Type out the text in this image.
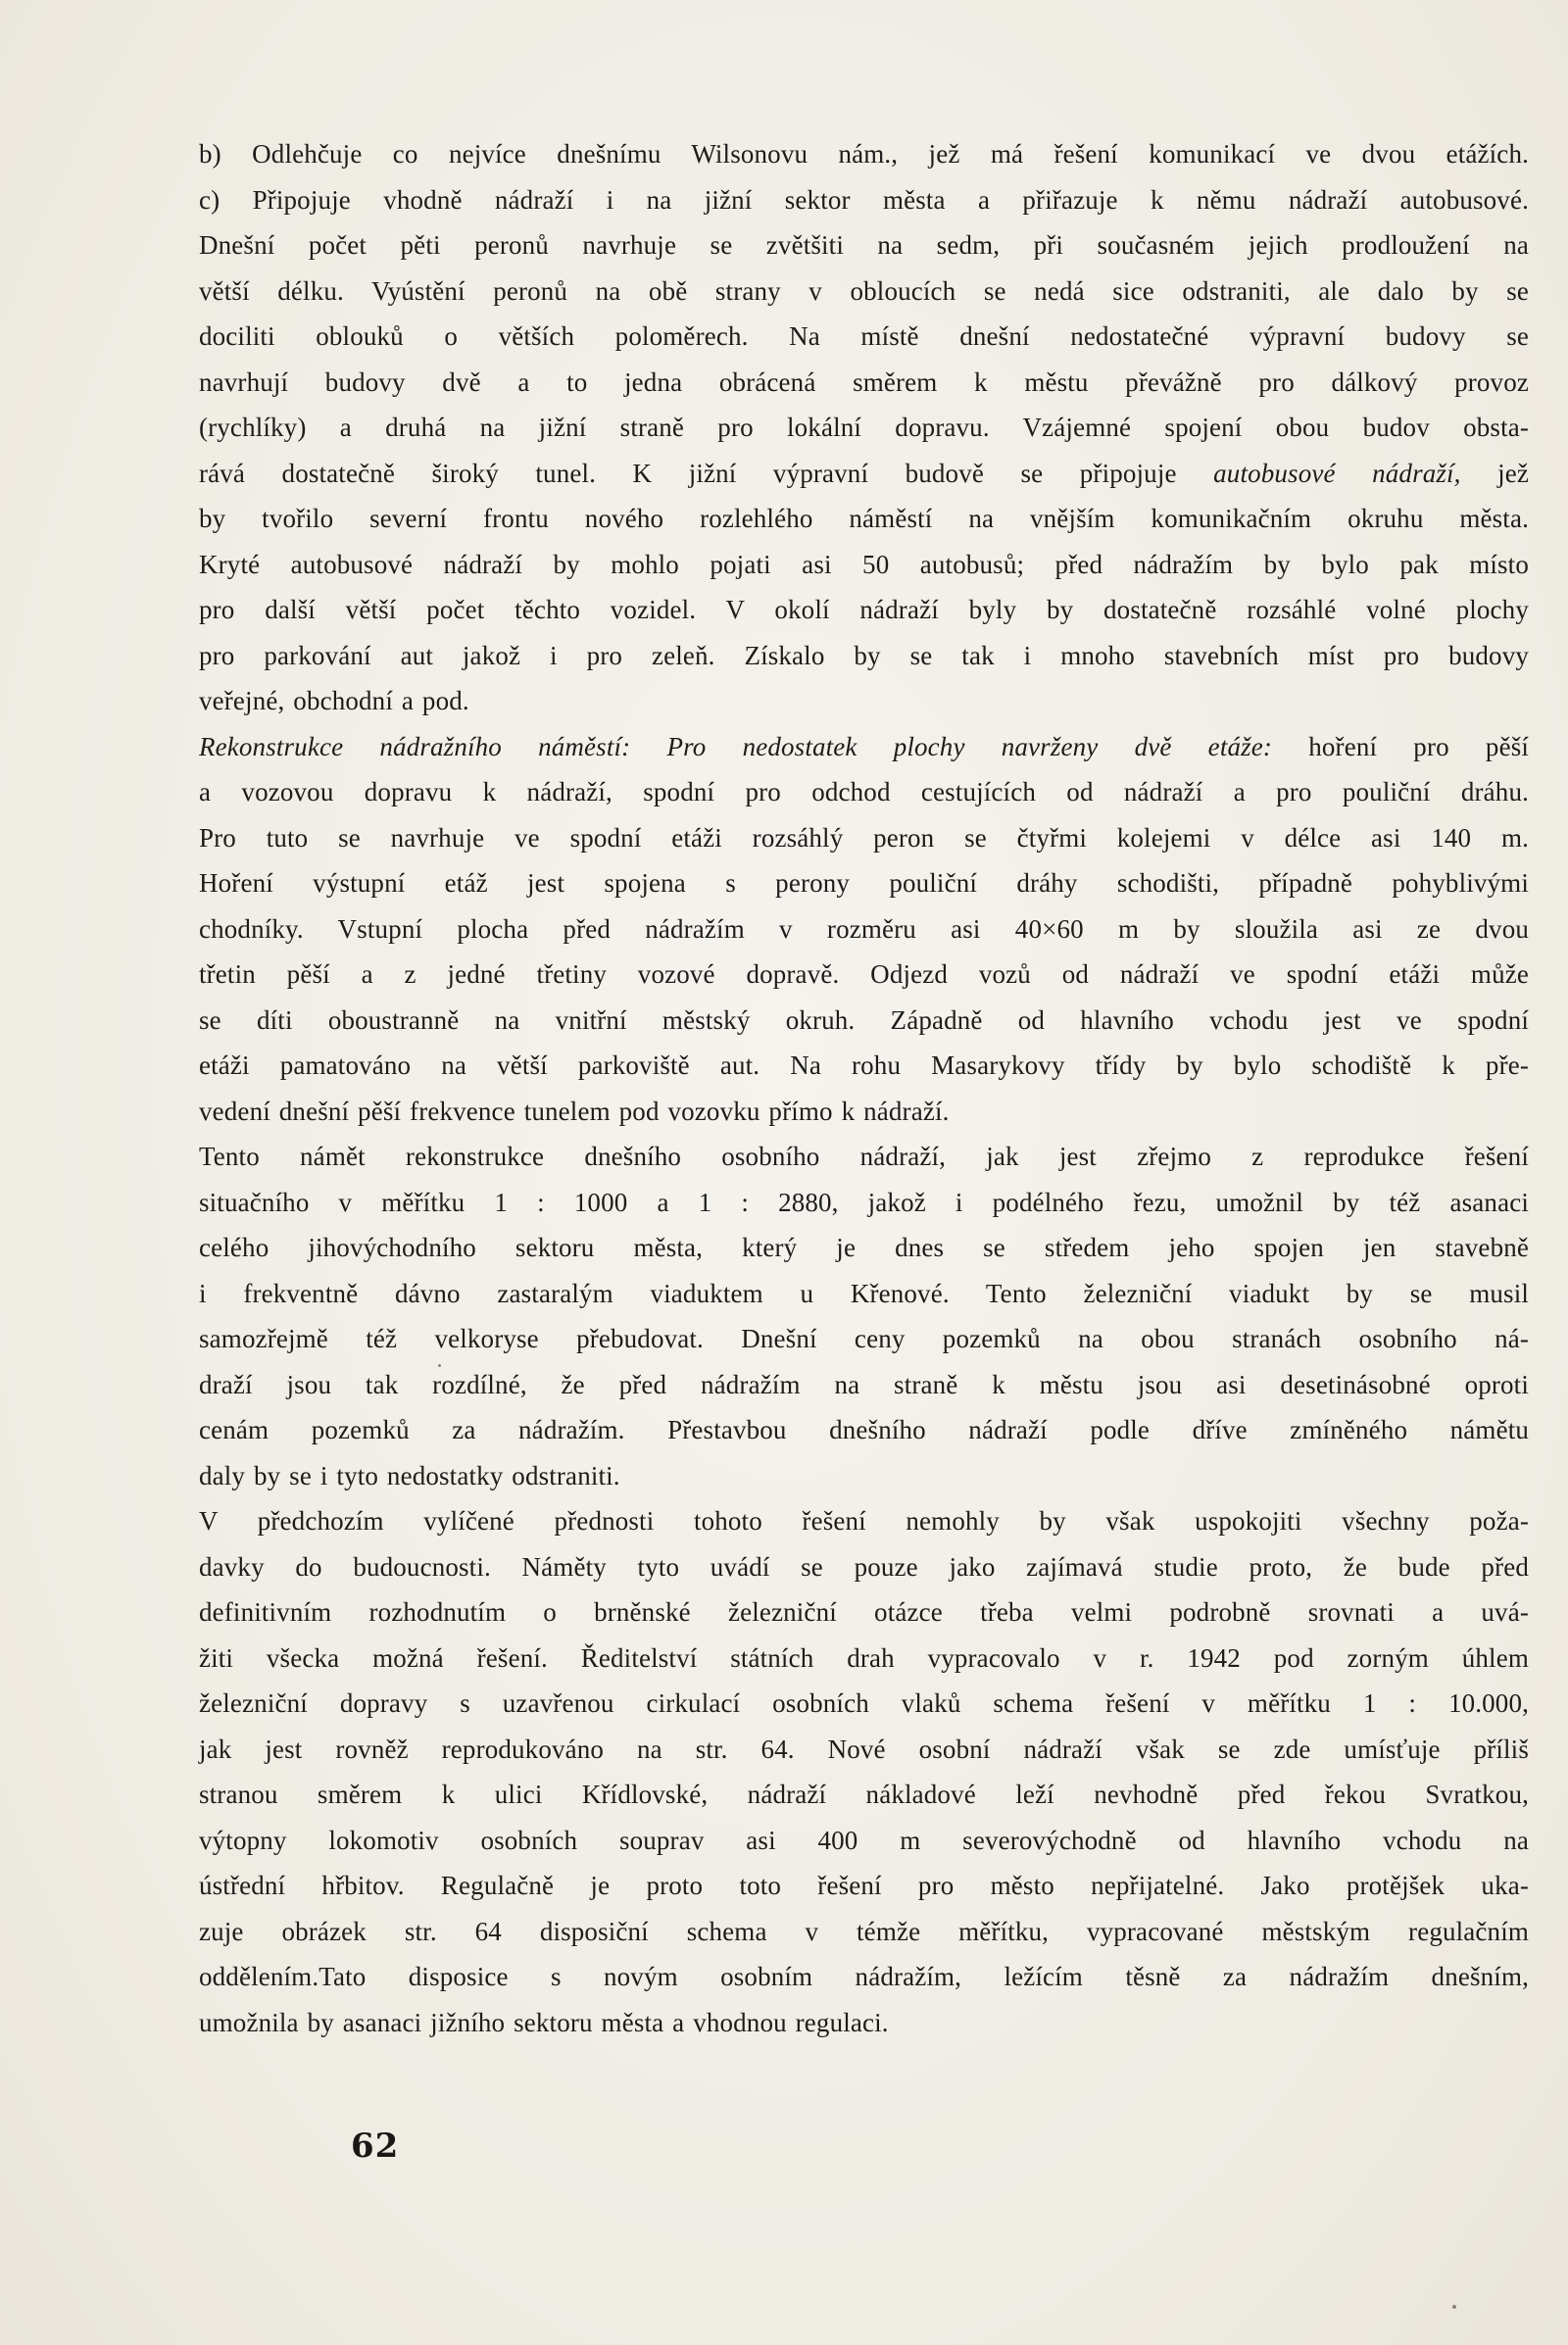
b) Odlehčuje co nejvíce dnešnímu Wilsonovu nám., jež má řešení komunikací ve dvou etážích.
c) Připojuje vhodně nádraží i na jižní sektor města a přiřazuje k němu nádraží autobusové.
Dnešní počet pěti peronů navrhuje se zvětšiti na sedm, při současném jejich prodloužení na
větší délku. Vyústění peronů na obě strany v obloucích se nedá sice odstraniti, ale dalo by se
dociliti oblouků o větších poloměrech. Na místě dnešní nedostatečné výpravní budovy se
navrhují budovy dvě a to jedna obrácená směrem k městu převážně pro dálkový provoz
(rychlíky) a druhá na jižní straně pro lokální dopravu. Vzájemné spojení obou budov obsta-
rává dostatečně široký tunel. K jižní výpravní budově se připojuje autobusové nádraží, jež
by tvořilo severní frontu nového rozlehlého náměstí na vnějším komunikačním okruhu města.
Kryté autobusové nádraží by mohlo pojati asi 50 autobusů; před nádražím by bylo pak místo
pro další větší počet těchto vozidel. V okolí nádraží byly by dostatečně rozsáhlé volné plochy
pro parkování aut jakož i pro zeleň. Získalo by se tak i mnoho stavebních míst pro budovy
veřejné, obchodní a pod.

Rekonstrukce nádražního náměstí: Pro nedostatek plochy navrženy dvě etáže: hoření pro pěší
a vozovou dopravu k nádraží, spodní pro odchod cestujících od nádraží a pro pouliční dráhu.
Pro tuto se navrhuje ve spodní etáži rozsáhlý peron se čtyřmi kolejemi v délce asi 140 m.
Hoření výstupní etáž jest spojena s perony pouliční dráhy schodišti, případně pohyblivými
chodníky. Vstupní plocha před nádražím v rozměru asi 40×60 m by sloužila asi ze dvou
třetin pěší a z jedné třetiny vozové dopravě. Odjezd vozů od nádraží ve spodní etáži může
se díti oboustranně na vnitřní městský okruh. Západně od hlavního vchodu jest ve spodní
etáži pamatováno na větší parkoviště aut. Na rohu Masarykovy třídy by bylo schodiště k pře-
vedení dnešní pěší frekvence tunelem pod vozovku přímo k nádraží.

Tento námět rekonstrukce dnešního osobního nádraží, jak jest zřejmo z reprodukce řešení
situačního v měřítku 1 : 1000 a 1 : 2880, jakož i podélného řezu, umožnil by též asanaci
celého jihovýchodního sektoru města, který je dnes se středem jeho spojen jen stavebně
i frekventně dávno zastaralým viaduktem u Křenové. Tento železniční viadukt by se musil
samozřejmě též velkoryse přebudovat. Dnešní ceny pozemků na obou stranách osobního ná-
draží jsou tak rozdílné, že před nádražím na straně k městu jsou asi desetinásobné oproti
cenám pozemků za nádražím. Přestavbou dnešního nádraží podle dříve zmíněného námětu
daly by se i tyto nedostatky odstraniti.

V předchozím vylíčené přednosti tohoto řešení nemohly by však uspokojiti všechny poža-
davky do budoucnosti. Náměty tyto uvádí se pouze jako zajímavá studie proto, že bude před
definitivním rozhodnutím o brněnské železniční otázce třeba velmi podrobně srovnati a uvá-
žiti všecka možná řešení. Ředitelství státních drah vypracovalo v r. 1942 pod zorným úhlem
železniční dopravy s uzavřenou cirkulací osobních vlaků schema řešení v měřítku 1 : 10.000,
jak jest rovněž reprodukováno na str. 64. Nové osobní nádraží však se zde umísťuje příliš
stranou směrem k ulici Křídlovské, nádraží nákladové leží nevhodně před řekou Svratkou,
výtopny lokomotiv osobních souprav asi 400 m severovýchodně od hlavního vchodu na
ústřední hřbitov. Regulačně je proto toto řešení pro město nepřijatelné. Jako protějšek uka-
zuje obrázek str. 64 disposiční schema v témže měřítku, vypracované městským regulačním
oddělením.Tato disposice s novým osobním nádražím, ležícím těsně za nádražím dnešním,
umožnila by asanaci jižního sektoru města a vhodnou regulaci.

62
